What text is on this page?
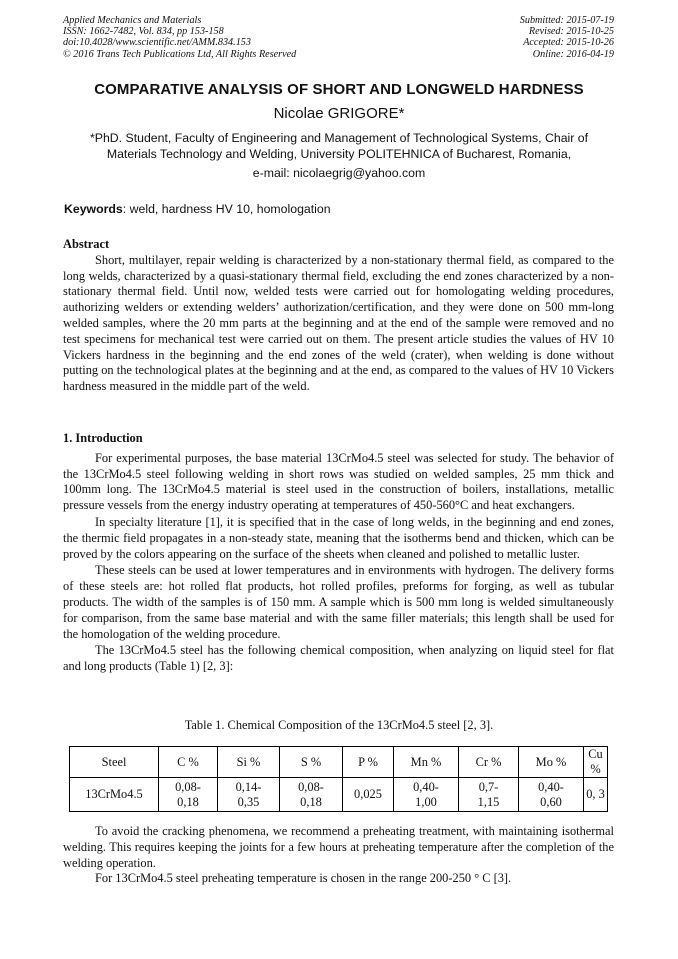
Applied Mechanics and Materials
ISSN: 1662-7482, Vol. 834, pp 153-158
doi:10.4028/www.scientific.net/AMM.834.153
© 2016 Trans Tech Publications Ltd, All Rights Reserved
Submitted: 2015-07-19
Revised: 2015-10-25
Accepted: 2015-10-26
Online: 2016-04-19
COMPARATIVE ANALYSIS OF SHORT AND LONGWELD HARDNESS
Nicolae GRIGORE*
*PhD. Student, Faculty of Engineering and Management of Technological Systems, Chair of
Materials Technology and Welding, University POLITEHNICA of Bucharest, Romania,
e-mail: nicolaegrig@yahoo.com
Keywords: weld, hardness HV 10, homologation
Abstract

Short, multilayer, repair welding is characterized by a non-stationary thermal field, as compared to the long welds, characterized by a quasi-stationary thermal field, excluding the end zones characterized by a non-stationary thermal field. Until now, welded tests were carried out for homologating welding procedures, authorizing welders or extending welders’ authorization/certification, and they were done on 500 mm-long welded samples, where the 20 mm parts at the beginning and at the end of the sample were removed and no test specimens for mechanical test were carried out on them. The present article studies the values of HV 10 Vickers hardness in the beginning and the end zones of the weld (crater), when welding is done without putting on the technological plates at the beginning and at the end, as compared to the values of HV 10 Vickers hardness measured in the middle part of the weld.

1. Introduction

For experimental purposes, the base material 13CrMo4.5 steel was selected for study. The behavior of the 13CrMo4.5 steel following welding in short rows was studied on welded samples, 25 mm thick and 100mm long. The 13CrMo4.5 material is steel used in the construction of boilers, installations, metallic pressure vessels from the energy industry operating at temperatures of 450-560°C and heat exchangers.

In specialty literature [1], it is specified that in the case of long welds, in the beginning and end zones, the thermic field propagates in a non-steady state, meaning that the isotherms bend and thicken, which can be proved by the colors appearing on the surface of the sheets when cleaned and polished to metallic luster.

These steels can be used at lower temperatures and in environments with hydrogen. The delivery forms of these steels are: hot rolled flat products, hot rolled profiles, preforms for forging, as well as tubular products. The width of the samples is of 150 mm. A sample which is 500 mm long is welded simultaneously for comparison, from the same base material and with the same filler materials; this length shall be used for the homologation of the welding procedure.

The 13CrMo4.5 steel has the following chemical composition, when analyzing on liquid steel for flat and long products (Table 1) [2, 3]:

Table 1. Chemical Composition of the 13CrMo4.5 steel [2, 3].
Steel	C %	Si %	S %	P %	Mn %	Cr %	Mo %	Cu %
13CrMo4.5	0,08-
0,18	0,14-
0,35	0,08-
0,18	0,025	0,40-
1,00	0,7-
1,15	0,40-
0,60	0, 3

To avoid the cracking phenomena, we recommend a preheating treatment, with maintaining isothermal welding. This requires keeping the joints for a few hours at preheating temperature after the completion of the welding operation.

For 13CrMo4.5 steel preheating temperature is chosen in the range 200-250 ° C [3].
